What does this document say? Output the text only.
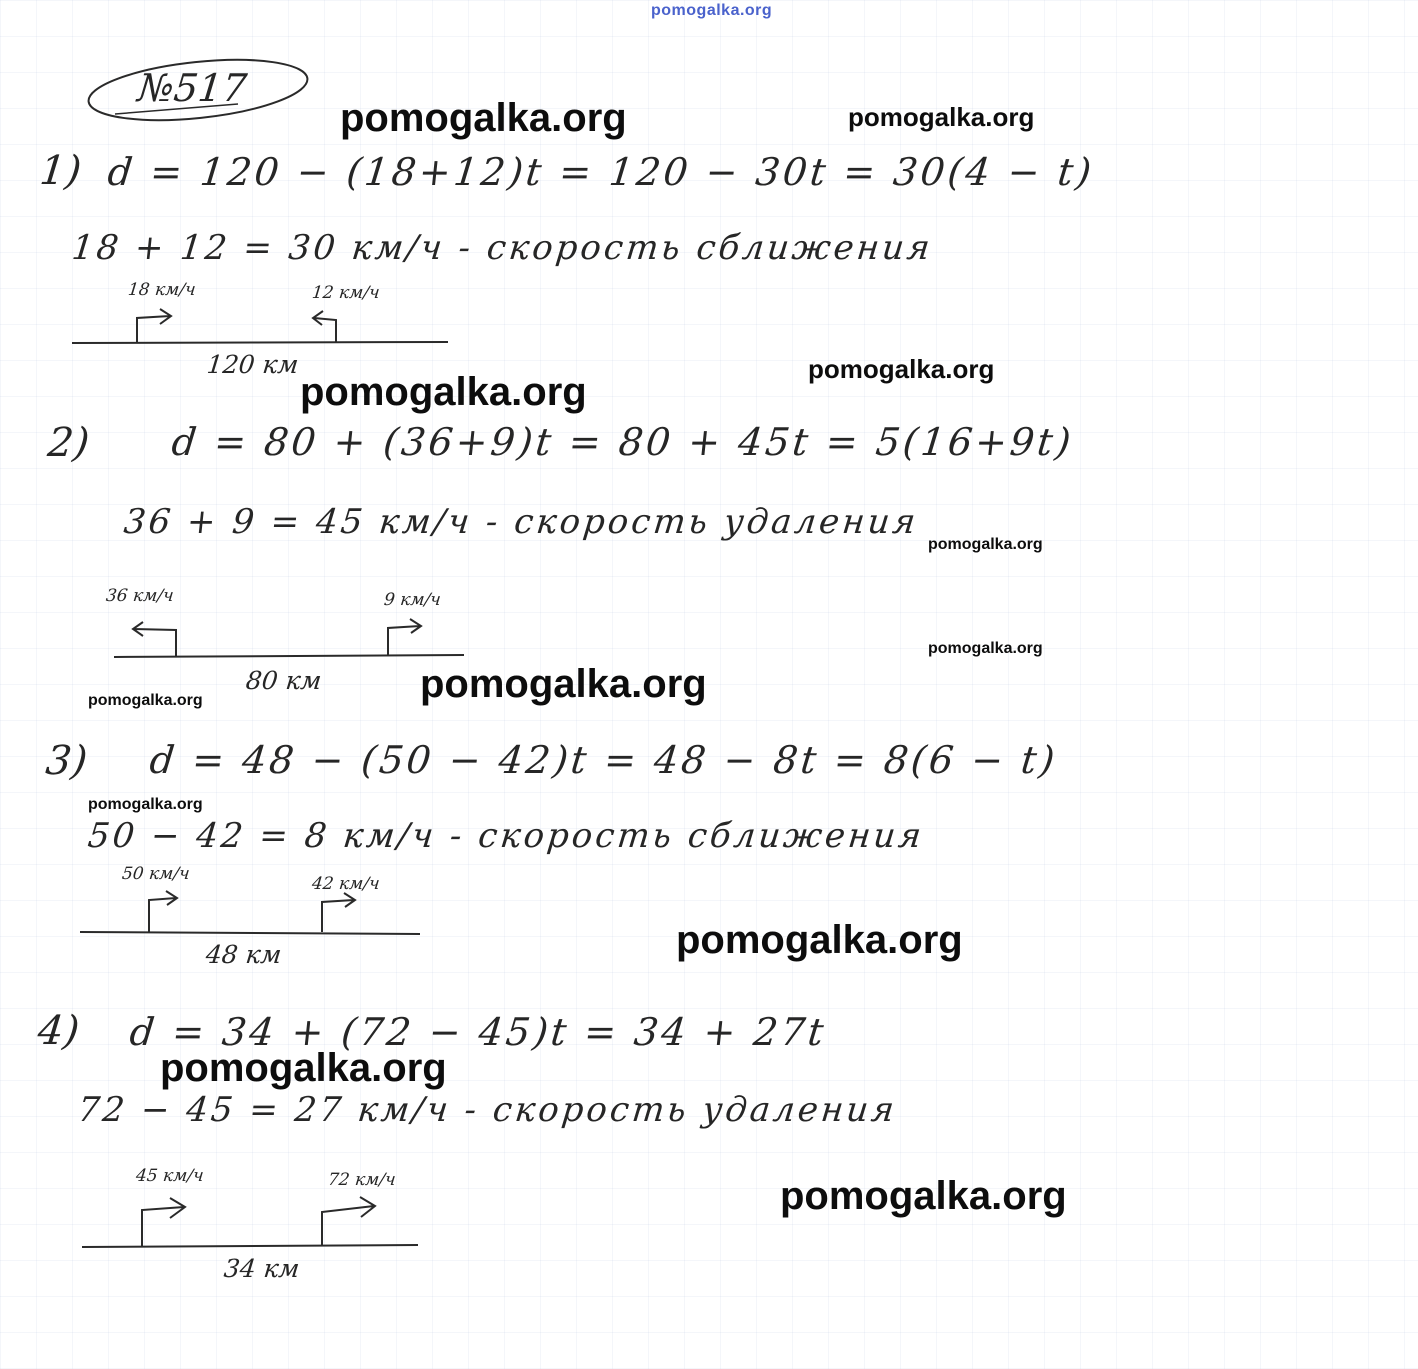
pomogalka.org
№517
1) d = 120 − (18+12)t = 120 − 30t = 30(4 − t)
18 + 12 = 30 км/ч - скорость сближения
18 км/ч	12 км/ч
120 км
2) d = 80 + (36+9)t = 80 + 45t = 5(16+9t)
36 + 9 = 45 км/ч - скорость удаления
36 км/ч	9 км/ч
80 км
3) d = 48 − (50 − 42)t = 48 − 8t = 8(6 − t)
50 − 42 = 8 км/ч - скорость сближения
50 км/ч	42 км/ч
48 км
4) d = 34 + (72 − 45)t = 34 + 27t
72 − 45 = 27 км/ч - скорость удаления
45 км/ч	72 км/ч
34 км
pomogalka.org	pomogalka.org
pomogalka.org
pomogalka.org
pomogalka.org
pomogalka.org
pomogalka.org
pomogalka.org
pomogalka.org
pomogalka.org
pomogalka.org
pomogalka.org
